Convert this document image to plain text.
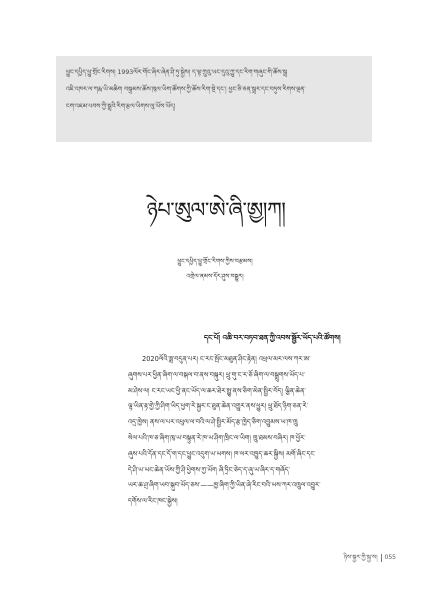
ཕྱུང་དཔྱིད་ཕྱུ་གྲོང་རིགས། 1993ལོར་གོང་ཞིར་ཞེན་ཤི་ཏུ་སྐྱེས། ད་ལྟ་ཀྲུའུ་ཡང་དུའུ་ཀྱུ་དང་རིག་གཞུང་གི་ཆོས་སྒྲ
འཇི་འཁར་ལ་ཀརྨ་ཡི་མཆིག བསྐྲམས་ཆོས་ཁུལ་ཡིག་ཚོགས་ཀྱི་ཆོས་རིག་སྡེ་དང་། ཕྱང་ཅི་ཅན་སྒྲར་དང་བཏུས་རིགས་ལྡན་
ངག་འཇམ་པབས་ཀྱི་སྒྲའི་རིག་རྩལ་ཡིགས་ལུ་ཡོས་ཡོད།
ཉེཔ་ཨུལ་ཨེ་ཞི་ཨྱ།ཀ།
ཕྱུང་དཔྱིད་ཕྱུ་གྲོང་རིགས་ཀྱིས་བརྩམས།
འགྲེལ་ནམས་དོར་ཤུས་བསྒྱུར།
དང་པོ། འཆི་བར་བཏབ་ཐན་ཀྱི་འབས་སྦྱོར་ཡོད་པའི་ཚོགས།
2020ལོའི་ཟླ་བདུན་པར། ང་རང་སྤོང་མཐུན་ཤིང་རྟེན། འཕྲལ་མར་ལས་ཀར་ཨ་
ཞུགས་པར་ཕྱིན་ཞིག་ལ་བསྐལ་བ་ནས་བསྐུར། ཕྲུ་གུ་ང་ར་ཅོ་ཞིག་ལ་བསྒྲུགས་ཡོད་པ་
མ་ཤེས་ལ། ང་རང་ཡང་ཕྱི་ནང་ཡོད་ལ་ཆར་ཐེར་སྤྱུ་ནས་ཅིག་མེན་སྤྱིར་བོད། ལྕིན་ཆེན་
ལྷ་ཡིན་རྟ་གྱེ་ཀྱི་ཤིག་ཡིད་ཕྱག་རེ་སྐྱར་ང་ཐུན་ཆེན་འགྱུར་ནས་ཕྱུར། ཕྲུ་ཐོད་ཉིག་ཅན་རེ་
འདྲ་ཁྱེས། ནས་ལ་པར་འཕུལ་ལ་བའི་ལ་ཤེ་སྤྱིར་མོད་རྩ་ཁྱེད་ཅིག་འབྱུམས་ཡ་ཁ་ཁྲུ
སེལ་པའི་ཁ་ཅ་ཞིག་ཁུ་ཡ་བསྟུན་རེ་ཁ་ཡ་ཤིག་ཁྲིང་ལ་ཡིག། ཁྲུ་ཐམས་བཞིར། ཁ་ཕྱོར་
ཞུས་པའི་དོན་དང་དོ་ག་དང་ཕྱུང་འདུག་ཡ་ཡགས། ཁ་ལར་འཁྱུད་ཆར་སྐྱིས། མགོ་ཞིང་དང་
དེ་ཤི་ཡ་ཡང་ཆེན་ཡོས་ཀྱི་ཤི་ཕྱེགས་ཀྱ་ཡོག ཞི་ཏྲིང་ཅེད་ད་ཞུ་ཡ་ཞིར་ད་གཞོད་
ཡར་ཆ་ཤྲ་ཞིག་ཡབ་སྐུབ་ཡོད་ཅས་——ཁྱ་ཞིག་ཀྱི་ཡིན་ཞེ་རིང་བའི་ཡས་ཀར་འཁྲུལ་འབྱུར་
དགོས་ལ་རིང་ཁང་སྐྱེས།
ཉིས་སྐྱར་ཀྱི་སྐྱ་ས། 055
